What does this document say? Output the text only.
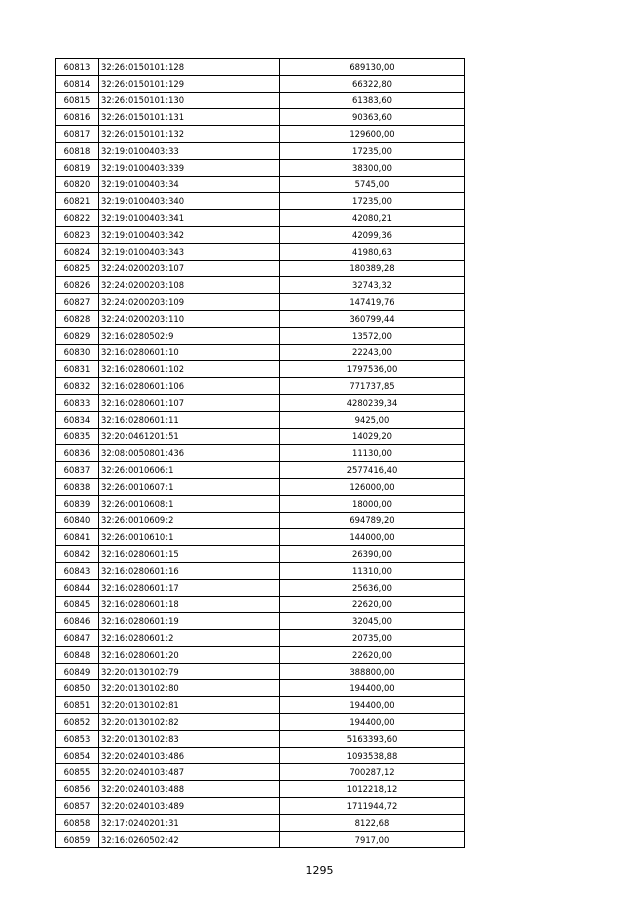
60813	32:26:0150101:128	689130,00
60814	32:26:0150101:129	66322,80
60815	32:26:0150101:130	61383,60
60816	32:26:0150101:131	90363,60
60817	32:26:0150101:132	129600,00
60818	32:19:0100403:33	17235,00
60819	32:19:0100403:339	38300,00
60820	32:19:0100403:34	5745,00
60821	32:19:0100403:340	17235,00
60822	32:19:0100403:341	42080,21
60823	32:19:0100403:342	42099,36
60824	32:19:0100403:343	41980,63
60825	32:24:0200203:107	180389,28
60826	32:24:0200203:108	32743,32
60827	32:24:0200203:109	147419,76
60828	32:24:0200203:110	360799,44
60829	32:16:0280502:9	13572,00
60830	32:16:0280601:10	22243,00
60831	32:16:0280601:102	1797536,00
60832	32:16:0280601:106	771737,85
60833	32:16:0280601:107	4280239,34
60834	32:16:0280601:11	9425,00
60835	32:20:0461201:51	14029,20
60836	32:08:0050801:436	11130,00
60837	32:26:0010606:1	2577416,40
60838	32:26:0010607:1	126000,00
60839	32:26:0010608:1	18000,00
60840	32:26:0010609:2	694789,20
60841	32:26:0010610:1	144000,00
60842	32:16:0280601:15	26390,00
60843	32:16:0280601:16	11310,00
60844	32:16:0280601:17	25636,00
60845	32:16:0280601:18	22620,00
60846	32:16:0280601:19	32045,00
60847	32:16:0280601:2	20735,00
60848	32:16:0280601:20	22620,00
60849	32:20:0130102:79	388800,00
60850	32:20:0130102:80	194400,00
60851	32:20:0130102:81	194400,00
60852	32:20:0130102:82	194400,00
60853	32:20:0130102:83	5163393,60
60854	32:20:0240103:486	1093538,88
60855	32:20:0240103:487	700287,12
60856	32:20:0240103:488	1012218,12
60857	32:20:0240103:489	1711944,72
60858	32:17:0240201:31	8122,68
60859	32:16:0260502:42	7917,00
1295
